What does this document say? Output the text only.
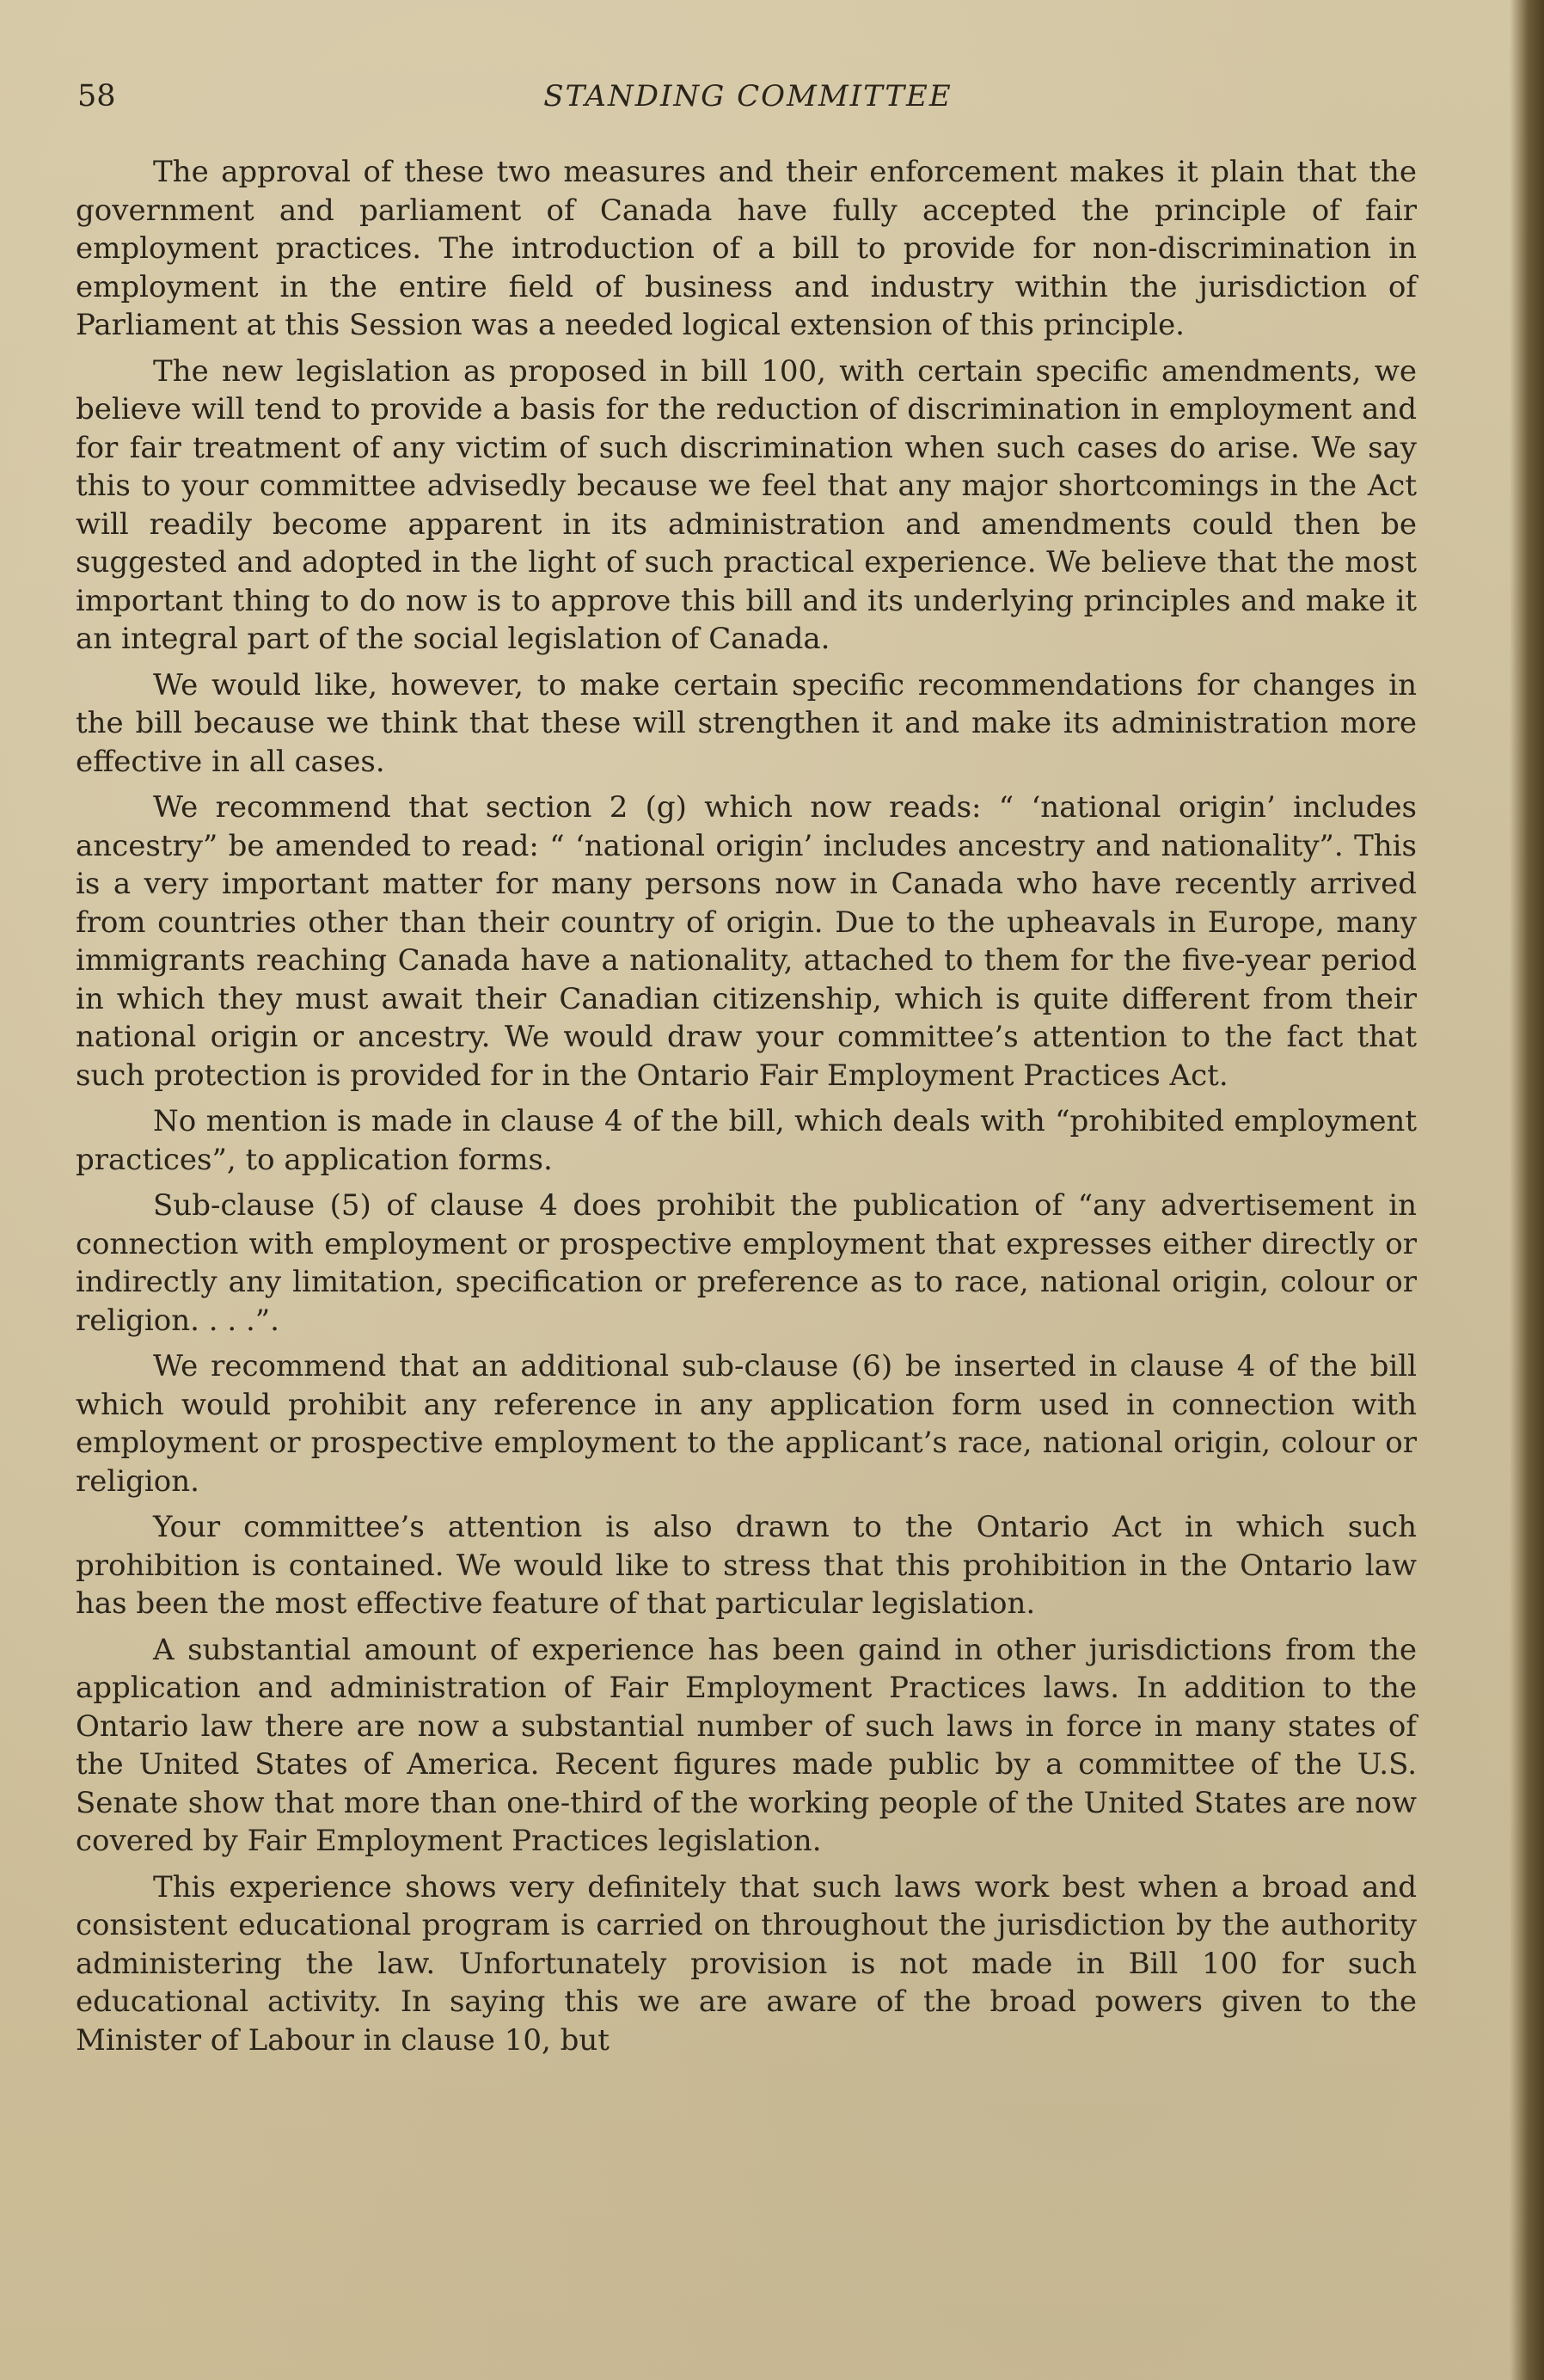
58	STANDING COMMITTEE

The approval of these two measures and their enforcement makes it plain that the government and parliament of Canada have fully accepted the principle of fair employment practices. The introduction of a bill to provide for non-discrimination in employment in the entire field of business and industry within the jurisdiction of Parliament at this Session was a needed logical extension of this principle.

The new legislation as proposed in bill 100, with certain specific amendments, we believe will tend to provide a basis for the reduction of discrimination in employment and for fair treatment of any victim of such discrimination when such cases do arise. We say this to your committee advisedly because we feel that any major shortcomings in the Act will readily become apparent in its administration and amendments could then be suggested and adopted in the light of such practical experience. We believe that the most important thing to do now is to approve this bill and its underlying principles and make it an integral part of the social legislation of Canada.

We would like, however, to make certain specific recommendations for changes in the bill because we think that these will strengthen it and make its administration more effective in all cases.

We recommend that section 2 (g) which now reads: “ ‘national origin’ includes ancestry” be amended to read: “ ‘national origin’ includes ancestry and nationality”. This is a very important matter for many persons now in Canada who have recently arrived from countries other than their country of origin. Due to the upheavals in Europe, many immigrants reaching Canada have a nationality, attached to them for the five-year period in which they must await their Canadian citizenship, which is quite different from their national origin or ancestry. We would draw your committee’s attention to the fact that such protection is provided for in the Ontario Fair Employment Practices Act.

No mention is made in clause 4 of the bill, which deals with “prohibited employment practices”, to application forms.

Sub-clause (5) of clause 4 does prohibit the publication of “any advertisement in connection with employment or prospective employment that expresses either directly or indirectly any limitation, specification or preference as to race, national origin, colour or religion. . . .”.

We recommend that an additional sub-clause (6) be inserted in clause 4 of the bill which would prohibit any reference in any application form used in connection with employment or prospective employment to the applicant’s race, national origin, colour or religion.

Your committee’s attention is also drawn to the Ontario Act in which such prohibition is contained. We would like to stress that this prohibition in the Ontario law has been the most effective feature of that particular legislation.

A substantial amount of experience has been gaind in other jurisdictions from the application and administration of Fair Employment Practices laws. In addition to the Ontario law there are now a substantial number of such laws in force in many states of the United States of America. Recent figures made public by a committee of the U.S. Senate show that more than one-third of the working people of the United States are now covered by Fair Employment Practices legislation.

This experience shows very definitely that such laws work best when a broad and consistent educational program is carried on throughout the jurisdiction by the authority administering the law. Unfortunately provision is not made in Bill 100 for such educational activity. In saying this we are aware of the broad powers given to the Minister of Labour in clause 10, but
